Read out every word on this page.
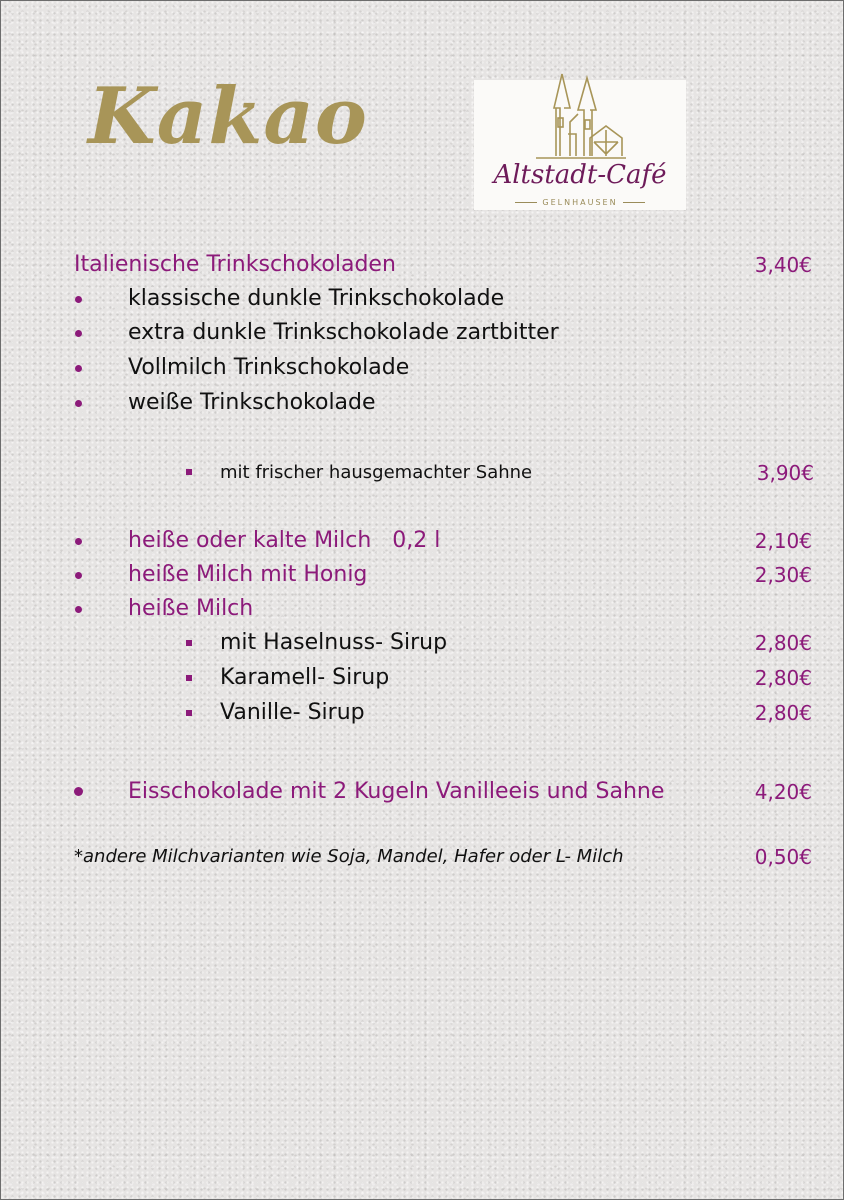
Kakao
Altstadt-Café
GELNHAUSEN
Italienische Trinkschokoladen	3,40€
klassische dunkle Trinkschokolade
extra dunkle Trinkschokolade zartbitter
Vollmilch Trinkschokolade
weiße Trinkschokolade
mit frischer hausgemachter Sahne	3,90€
heiße oder kalte Milch   0,2 l	2,10€
heiße Milch mit Honig	2,30€
heiße Milch
mit Haselnuss- Sirup	2,80€
Karamell- Sirup	2,80€
Vanille- Sirup	2,80€
Eisschokolade mit 2 Kugeln Vanilleeis und Sahne	4,20€
*andere Milchvarianten wie Soja, Mandel, Hafer oder L- Milch	0,50€
